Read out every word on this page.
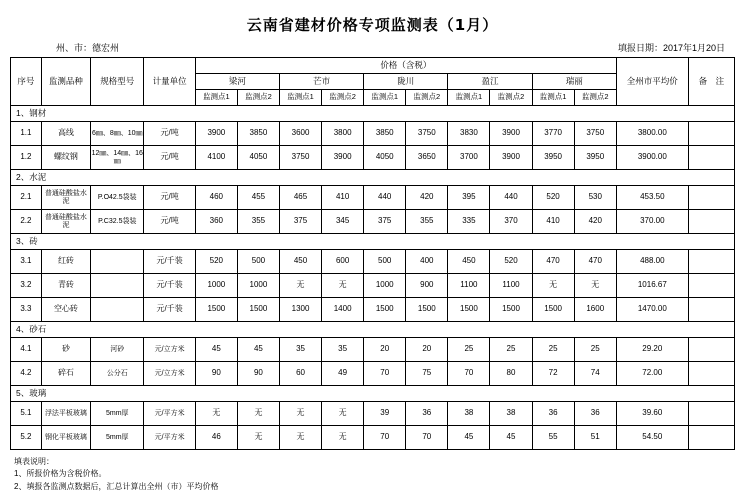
云南省建材价格专项监测表（1月）
州、市：德宏州	填报日期：2017年1月20日
序号	监测品种	规格型号	计量单位	价格（含税）										全州市平均价	备　注
				梁河		芒市		陇川		盈江		瑞丽			
				监测点1	监测点2	监测点1	监测点2	监测点1	监测点2	监测点1	监测点2	监测点1	监测点2		
1、钢材															
1.1	高线	6㎜、8㎜、10㎜	元/吨	3900	3850	3600	3800	3850	3750	3830	3900	3770	3750	3800.00	
1.2	螺纹钢	12㎜、14㎜、16㎜	元/吨	4100	4050	3750	3900	4050	3650	3700	3900	3950	3950	3900.00	
2、水泥															
2.1	普通硅酸盐水泥	P.O42.5袋装	元/吨	460	455	465	410	440	420	395	440	520	530	453.50	
2.2	普通硅酸盐水泥	P.C32.5袋装	元/吨	360	355	375	345	375	355	335	370	410	420	370.00	
3、砖															
3.1	红砖		元/千装	520	500	450	600	500	400	450	520	470	470	488.00	
3.2	青砖		元/千装	1000	1000	无	无	1000	900	1100	1100	无	无	1016.67	
3.3	空心砖		元/千装	1500	1500	1300	1400	1500	1500	1500	1500	1500	1600	1470.00	
4、砂石															
4.1	砂	河砂	元/立方米	45	45	35	35	20	20	25	25	25	25	29.20	
4.2	碎石	公分石	元/立方米	90	90	60	49	70	75	70	80	72	74	72.00	
5、玻璃															
5.1	浮法平板玻璃	5mm厚	元/平方米	无	无	无	无	39	36	38	38	36	36	39.60	
5.2	钢化平板玻璃	5mm厚	元/平方米	46	无	无	无	70	70	45	45	55	51	54.50	
填表说明：
1、所报价格为含税价格。
2、填报各监测点数据后，汇总计算出全州（市）平均价格
